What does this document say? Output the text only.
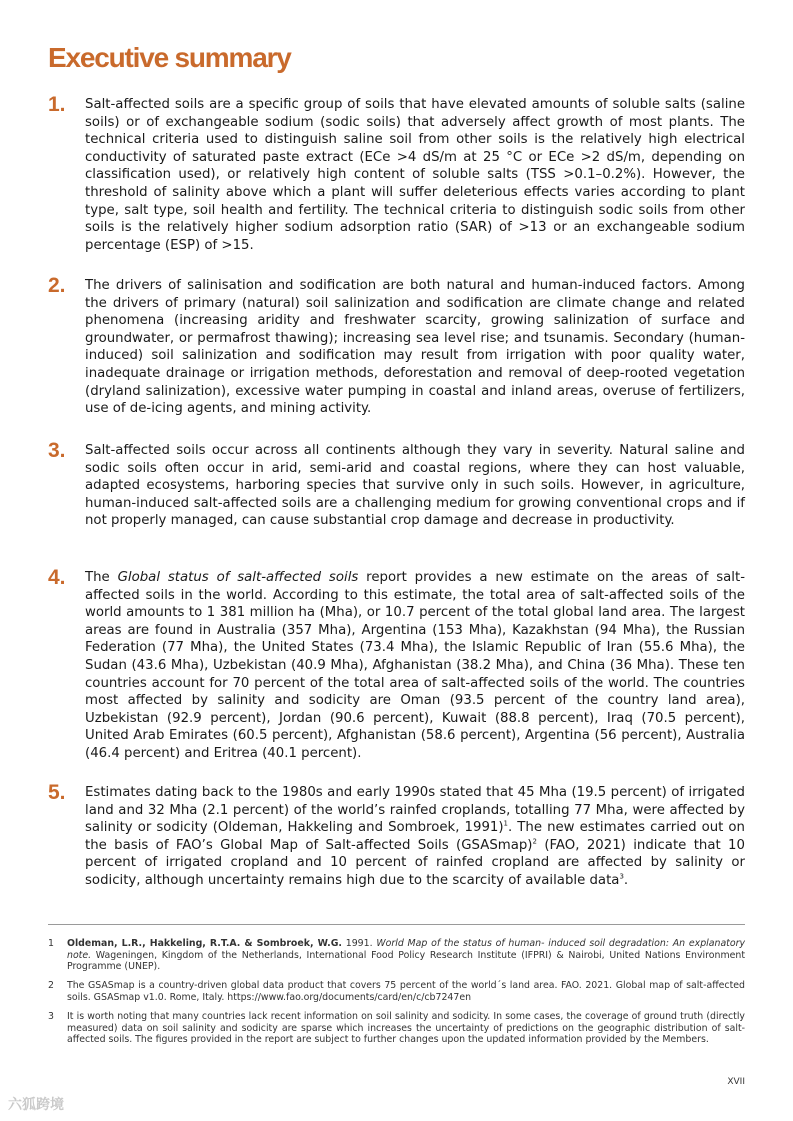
Executive summary
1. Salt-affected soils are a specific group of soils that have elevated amounts of soluble salts (saline soils) or of exchangeable sodium (sodic soils) that adversely affect growth of most plants. The technical criteria used to distinguish saline soil from other soils is the relatively high electrical conductivity of saturated paste extract (ECe >4 dS/m at 25 °C or ECe >2 dS/m, depending on classification used), or relatively high content of soluble salts (TSS >0.1–0.2%). However, the threshold of salinity above which a plant will suffer deleterious effects varies according to plant type, salt type, soil health and fertility. The technical criteria to distinguish sodic soils from other soils is the relatively higher sodium adsorption ratio (SAR) of >13 or an exchangeable sodium percentage (ESP) of >15.
2. The drivers of salinisation and sodification are both natural and human-induced factors. Among the drivers of primary (natural) soil salinization and sodification are climate change and related phenomena (increasing aridity and freshwater scarcity, growing salinization of surface and groundwater, or permafrost thawing); increasing sea level rise; and tsunamis. Secondary (human-induced) soil salinization and sodification may result from irrigation with poor quality water, inadequate drainage or irrigation methods, deforestation and removal of deep-rooted vegetation (dryland salinization), excessive water pumping in coastal and inland areas, overuse of fertilizers, use of de-icing agents, and mining activity.
3. Salt-affected soils occur across all continents although they vary in severity. Natural saline and sodic soils often occur in arid, semi-arid and coastal regions, where they can host valuable, adapted ecosystems, harboring species that survive only in such soils. However, in agriculture, human-induced salt-affected soils are a challenging medium for growing conventional crops and if not properly managed, can cause substantial crop damage and decrease in productivity.
4. The Global status of salt-affected soils report provides a new estimate on the areas of salt-affected soils in the world. According to this estimate, the total area of salt-affected soils of the world amounts to 1 381 million ha (Mha), or 10.7 percent of the total global land area. The largest areas are found in Australia (357 Mha), Argentina (153 Mha), Kazakhstan (94 Mha), the Russian Federation (77 Mha), the United States (73.4 Mha), the Islamic Republic of Iran (55.6 Mha), the Sudan (43.6 Mha), Uzbekistan (40.9 Mha), Afghanistan (38.2 Mha), and China (36 Mha). These ten countries account for 70 percent of the total area of salt-affected soils of the world. The countries most affected by salinity and sodicity are Oman (93.5 percent of the country land area), Uzbekistan (92.9 percent), Jordan (90.6 percent), Kuwait (88.8 percent), Iraq (70.5 percent), United Arab Emirates (60.5 percent), Afghanistan (58.6 percent), Argentina (56 percent), Australia (46.4 percent) and Eritrea (40.1 percent).
5. Estimates dating back to the 1980s and early 1990s stated that 45 Mha (19.5 percent) of irrigated land and 32 Mha (2.1 percent) of the world’s rainfed croplands, totalling 77 Mha, were affected by salinity or sodicity (Oldeman, Hakkeling and Sombroek, 1991)$^1$. The new estimates carried out on the basis of FAO’s Global Map of Salt-affected Soils (GSASmap)$^2$ (FAO, 2021) indicate that 10 percent of irrigated cropland and 10 percent of rainfed cropland are affected by salinity or sodicity, although uncertainty remains high due to the scarcity of available data$^3$.
1 Oldeman, L.R., Hakkeling, R.T.A. & Sombroek, W.G. 1991. World Map of the status of human- induced soil degradation: An explanatory note. Wageningen, Kingdom of the Netherlands, International Food Policy Research Institute (IFPRI) & Nairobi, United Nations Environment Programme (UNEP).
2 The GSASmap is a country-driven global data product that covers 75 percent of the world´s land area. FAO. 2021. Global map of salt-affected soils. GSASmap v1.0. Rome, Italy. https://www.fao.org/documents/card/en/c/cb7247en
3 It is worth noting that many countries lack recent information on soil salinity and sodicity. In some cases, the coverage of ground truth (directly measured) data on soil salinity and sodicity are sparse which increases the uncertainty of predictions on the geographic distribution of salt-affected soils. The figures provided in the report are subject to further changes upon the updated information provided by the Members.
XVII
六狐跨境
